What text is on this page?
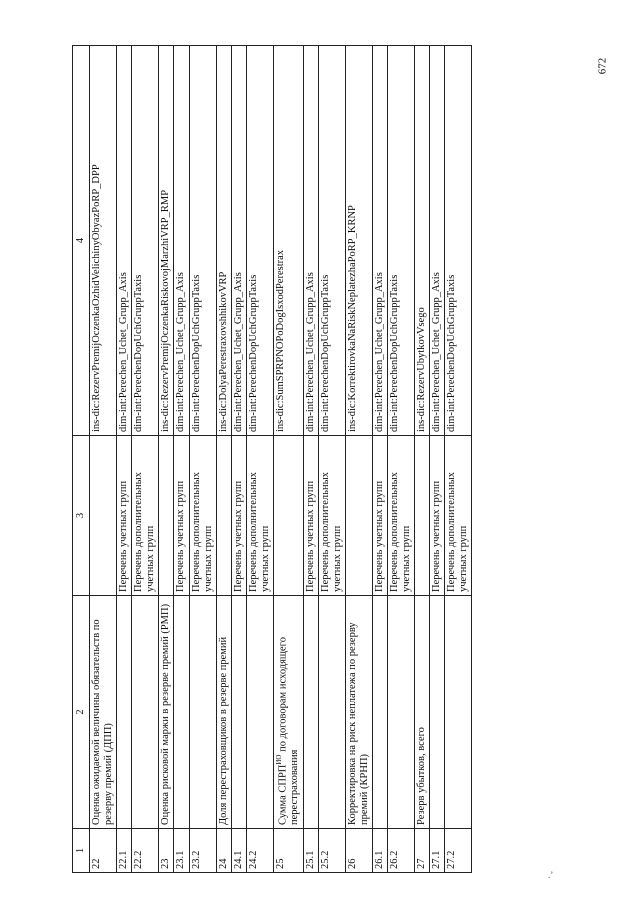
672
.’
1	2	3	4
22	Оценка ожидаемой величины обязательств по резерву премий (ДПП)		ins-dic:RezervPremijOczenkaOzhidVelichinyObyazPoRP_DPP
22.1		Перечень учетных групп	dim-int:Perechen_Uchet_Grupp_Axis
22.2		Перечень дополнительных учетных групп	dim-int:PerechenDopUchGruppTaxis
23	Оценка рисковой маржи в резерве премий (РМП)		ins-dic:RezervPremijOczenkaRiskovojMarzhiVRP_RMP
23.1		Перечень учетных групп	dim-int:Perechen_Uchet_Grupp_Axis
23.2		Перечень дополнительных учетных групп	dim-int:PerechenDopUchGruppTaxis
24	Доля перестраховщиков в резерве премий		ins-dic:DolyaPerestraxovshhikovVRP
24.1		Перечень учетных групп	dim-int:Perechen_Uchet_Grupp_Axis
24.2		Перечень дополнительных учетных групп	dim-int:PerechenDopUchGruppTaxis
25	Сумма $СПРП^{ИО}$ по договорам исходящего перестрахования		ins-dic:SumSPRPNOPoDogIsxodPerestrax
25.1		Перечень учетных групп	dim-int:Perechen_Uchet_Grupp_Axis
25.2		Перечень дополнительных учетных групп	dim-int:PerechenDopUchGruppTaxis
26	Корректировка на риск неплатежа по резерву премий (КРНП)		ins-dic:KorrektirovkaNaRiskNeplatezhaPoRP_KRNP
26.1		Перечень учетных групп	dim-int:Perechen_Uchet_Grupp_Axis
26.2		Перечень дополнительных учетных групп	dim-int:PerechenDopUchGruppTaxis
27	Резерв убытков, всего		ins-dic:RezervUbytkovVsego
27.1		Перечень учетных групп	dim-int:Perechen_Uchet_Grupp_Axis
27.2		Перечень дополнительных учетных групп	dim-int:PerechenDopUchGruppTaxis
